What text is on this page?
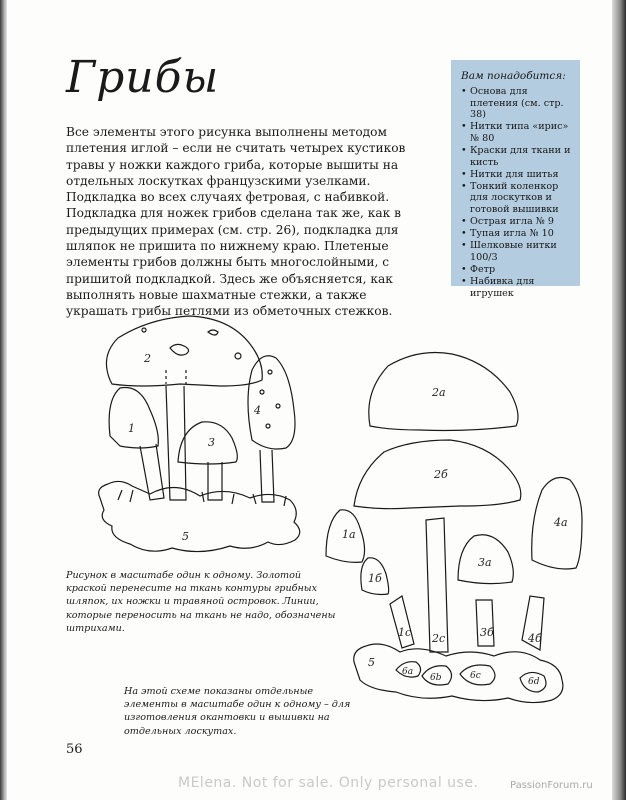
Грибы

Все элементы этого рисунка выполнены методом плетения иглой – если не считать четырех кустиков травы у ножки каждого гриба, которые вышиты на отдельных лоскутках французскими узелками. Подкладка во всех случаях фетровая, с набивкой. Подкладка для ножек грибов сделана так же, как в предыдущих примерах (см. стр. 26), подкладка для шляпок не пришита по нижнему краю. Плетеные элементы грибов должны быть многослойными, с пришитой подкладкой. Здесь же объясняется, как выполнять новые шахматные стежки, а также украшать грибы петлями из обметочных стежков.

Вам понадобится:
• Основа для плетения (см. стр. 38)
• Нитки типа «ирис» № 80
• Краски для ткани и кисть
• Нитки для шитья
• Тонкий коленкор для лоскутков и готовой вышивки
• Острая игла № 9
• Тупая игла № 10
• Шелковые нитки 100/3
• Фетр
• Набивка для игрушек
1
2
3
4
5
2a
2б
1a
4a
1б
3a
1c 2c	3б	4б
5
6a
6b	6c
6d

Рисунок в масштабе один к одному. Золотой краской перенесите на ткань контуры грибных шляпок, их ножки и травяной островок. Линии, которые переносить на ткань не надо, обозначены штрихами.

На этой схеме показаны отдельные элементы в масштабе один к одному – для изготовления окантовки и вышивки на отдельных лоскутах.

56
MElena. Not for sale. Only personal use.	PassionForum.ru
